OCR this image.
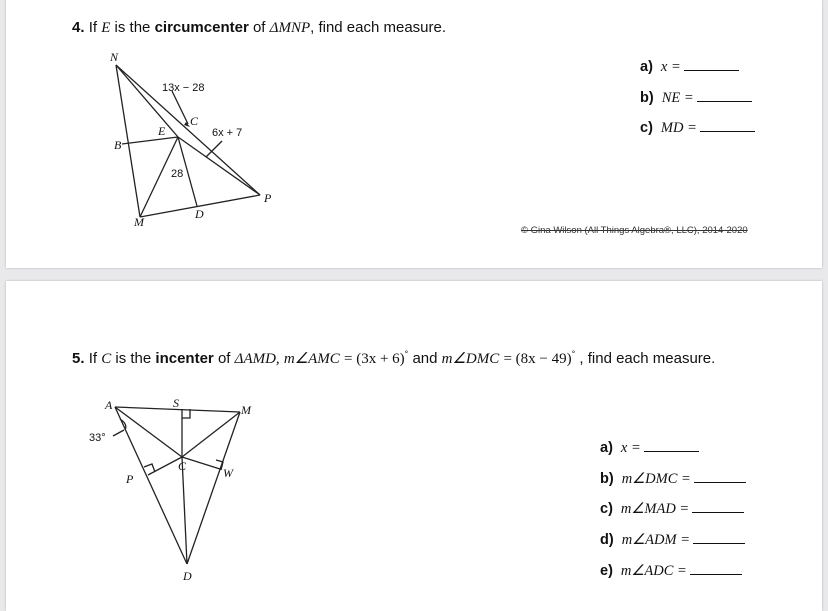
4. If E is the circumcenter of ΔMNP, find each measure.
N
B
M
D
P
E
C
13x − 28
6x + 7
28
a) x =
b) NE =
c) MD =
© Gina Wilson (All Things Algebra®, LLC), 2014-2020
5. If C is the incenter of ΔAMD, m∠AMC = (3x + 6)° and m∠DMC = (8x − 49)° , find each measure.
A	S	M
P
C	W
D
33°
a) x =
b) m∠DMC =
c) m∠MAD =
d) m∠ADM =
e) m∠ADC =
